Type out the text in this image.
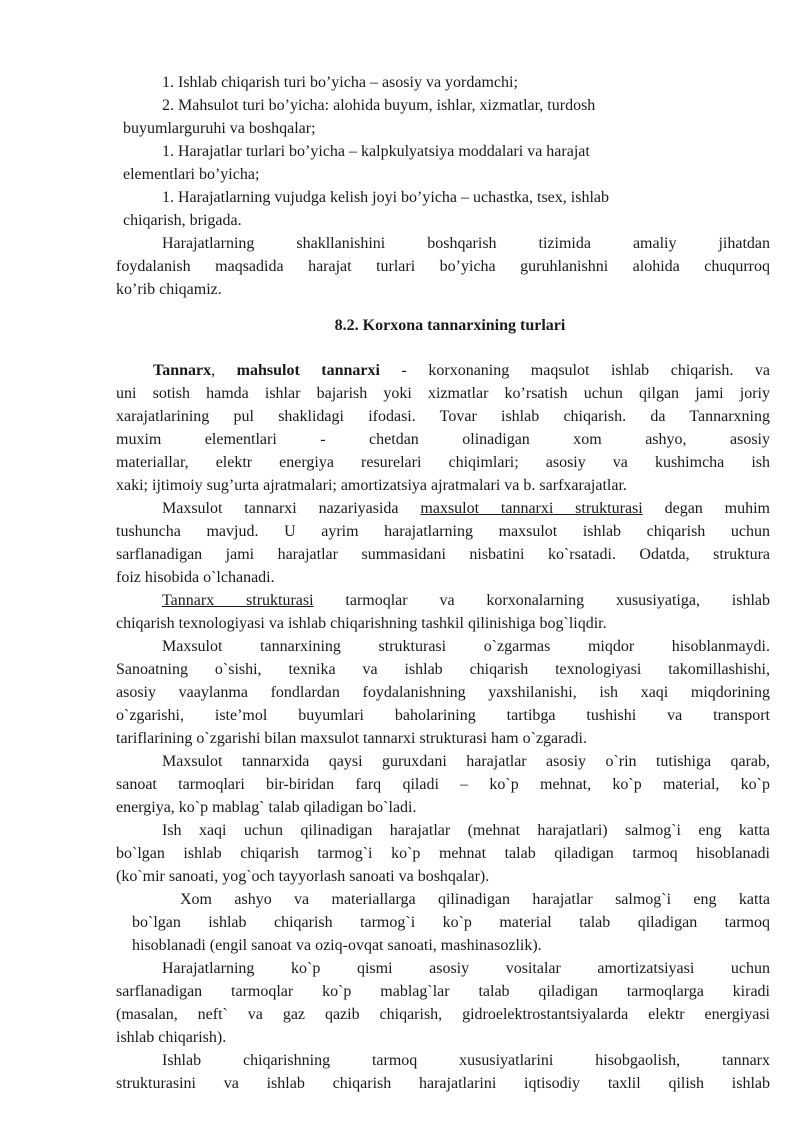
1. Ishlab chiqarish turi bo’yicha – asosiy va yordamchi;
2. Mahsulot turi bo’yicha: alohida buyum, ishlar, xizmatlar, turdosh
buyumlarguruhi va boshqalar;
1. Harajatlar turlari bo’yicha – kalpkulyatsiya moddalari va harajat
elementlari bo’yicha;
1. Harajatlarning vujudga kelish joyi bo’yicha – uchastka, tsex, ishlab
chiqarish, brigada.
Harajatlarning shakllanishini boshqarish tizimida amaliy jihatdan
foydalanish maqsadida harajat turlari bo’yicha guruhlanishni alohida chuqurroq
ko’rib chiqamiz.
8.2. Korxona tannarxining turlari
Tannarx, mahsulot tannarxi - korxonaning maqsulot ishlab chiqarish. va
uni sotish hamda ishlar bajarish yoki xizmatlar ko’rsatish uchun qilgan jami joriy
xarajatlarining pul shaklidagi ifodasi. Tovar ishlab chiqarish. da Tannarxning
muxim elementlari - chetdan olinadigan xom ashyo, asosiy
materiallar, elektr energiya resurelari chiqimlari; asosiy va kushimcha ish
xaki; ijtimoiy sug’urta ajratmalari; amortizatsiya ajratmalari va b. sarfxarajatlar.
Maxsulot tannarxi nazariyasida maxsulot tannarxi strukturasi degan muhim
tushuncha mavjud. U ayrim harajatlarning maxsulot ishlab chiqarish uchun
sarflanadigan jami harajatlar summasidani nisbatini ko`rsatadi. Odatda, struktura
foiz hisobida o`lchanadi.
Tannarx strukturasi tarmoqlar va korxonalarning xususiyatiga, ishlab
chiqarish texnologiyasi va ishlab chiqarishning tashkil qilinishiga bog`liqdir.
Maxsulot tannarxining strukturasi o`zgarmas miqdor hisoblanmaydi.
Sanoatning o`sishi, texnika va ishlab chiqarish texnologiyasi takomillashishi,
asosiy vaaylanma fondlardan foydalanishning yaxshilanishi, ish xaqi miqdorining
o`zgarishi, iste’mol buyumlari baholarining tartibga tushishi va transport
tariflarining o`zgarishi bilan maxsulot tannarxi strukturasi ham o`zgaradi.
Maxsulot tannarxida qaysi guruxdani harajatlar asosiy o`rin tutishiga qarab,
sanoat tarmoqlari bir-biridan farq qiladi – ko`p mehnat, ko`p material, ko`p
energiya, ko`p mablag` talab qiladigan bo`ladi.
Ish xaqi uchun qilinadigan harajatlar (mehnat harajatlari) salmog`i eng katta
bo`lgan ishlab chiqarish tarmog`i ko`p mehnat talab qiladigan tarmoq hisoblanadi
(ko`mir sanoati, yog`och tayyorlash sanoati va boshqalar).
Xom ashyo va materiallarga qilinadigan harajatlar salmog`i eng katta
bo`lgan ishlab chiqarish tarmog`i ko`p material talab qiladigan tarmoq
hisoblanadi (engil sanoat va oziq-ovqat sanoati, mashinasozlik).
Harajatlarning ko`p qismi asosiy vositalar amortizatsiyasi uchun
sarflanadigan tarmoqlar ko`p mablag`lar talab qiladigan tarmoqlarga kiradi
(masalan, neft` va gaz qazib chiqarish, gidroelektrostantsiyalarda elektr energiyasi
ishlab chiqarish).
Ishlab chiqarishning tarmoq xususiyatlarini hisobgaolish, tannarx
strukturasini va ishlab chiqarish harajatlarini iqtisodiy taxlil qilish ishlab
